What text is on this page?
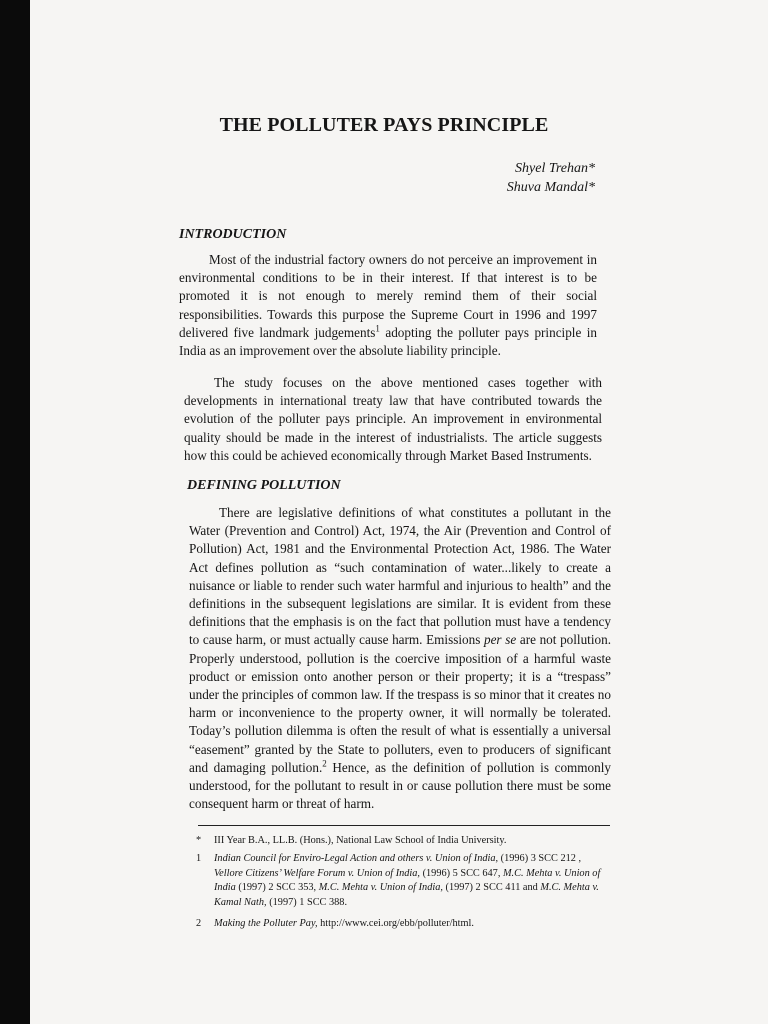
THE POLLUTER PAYS PRINCIPLE
Shyel Trehan*
Shuva Mandal*
INTRODUCTION

Most of the industrial factory owners do not perceive an improvement in environmental conditions to be in their interest. If that interest is to be promoted it is not enough to merely remind them of their social responsibilities. Towards this purpose the Supreme Court in 1996 and 1997 delivered five landmark judgements$^1$ adopting the polluter pays principle in India as an improvement over the absolute liability principle.

The study focuses on the above mentioned cases together with developments in international treaty law that have contributed towards the evolution of the polluter pays principle. An improvement in environmental quality should be made in the interest of industrialists. The article suggests how this could be achieved economically through Market Based Instruments.

DEFINING POLLUTION

There are legislative definitions of what constitutes a pollutant in the Water (Prevention and Control) Act, 1974, the Air (Prevention and Control of Pollution) Act, 1981 and the Environmental Protection Act, 1986. The Water Act defines pollution as “such contamination of water...likely to create a nuisance or liable to render such water harmful and injurious to health” and the definitions in the subsequent legislations are similar. It is evident from these definitions that the emphasis is on the fact that pollution must have a tendency to cause harm, or must actually cause harm. Emissions per se are not pollution. Properly understood, pollution is the coercive imposition of a harmful waste product or emission onto another person or their property; it is a “trespass” under the principles of common law. If the trespass is so minor that it creates no harm or inconvenience to the property owner, it will normally be tolerated. Today’s pollution dilemma is often the result of what is essentially a universal “easement” granted by the State to polluters, even to producers of significant and damaging pollution.$^2$ Hence, as the definition of pollution is commonly understood, for the pollutant to result in or cause pollution there must be some consequent harm or threat of harm.

* III Year B.A., LL.B. (Hons.), National Law School of India University.
1 Indian Council for Enviro-Legal Action and others v. Union of India, (1996) 3 SCC 212 , Vellore Citizens’ Welfare Forum v. Union of India, (1996) 5 SCC 647, M.C. Mehta v. Union of India (1997) 2 SCC 353, M.C. Mehta v. Union of India, (1997) 2 SCC 411 and M.C. Mehta v. Kamal Nath, (1997) 1 SCC 388.
2 Making the Polluter Pay, http://www.cei.org/ebb/polluter/html.
